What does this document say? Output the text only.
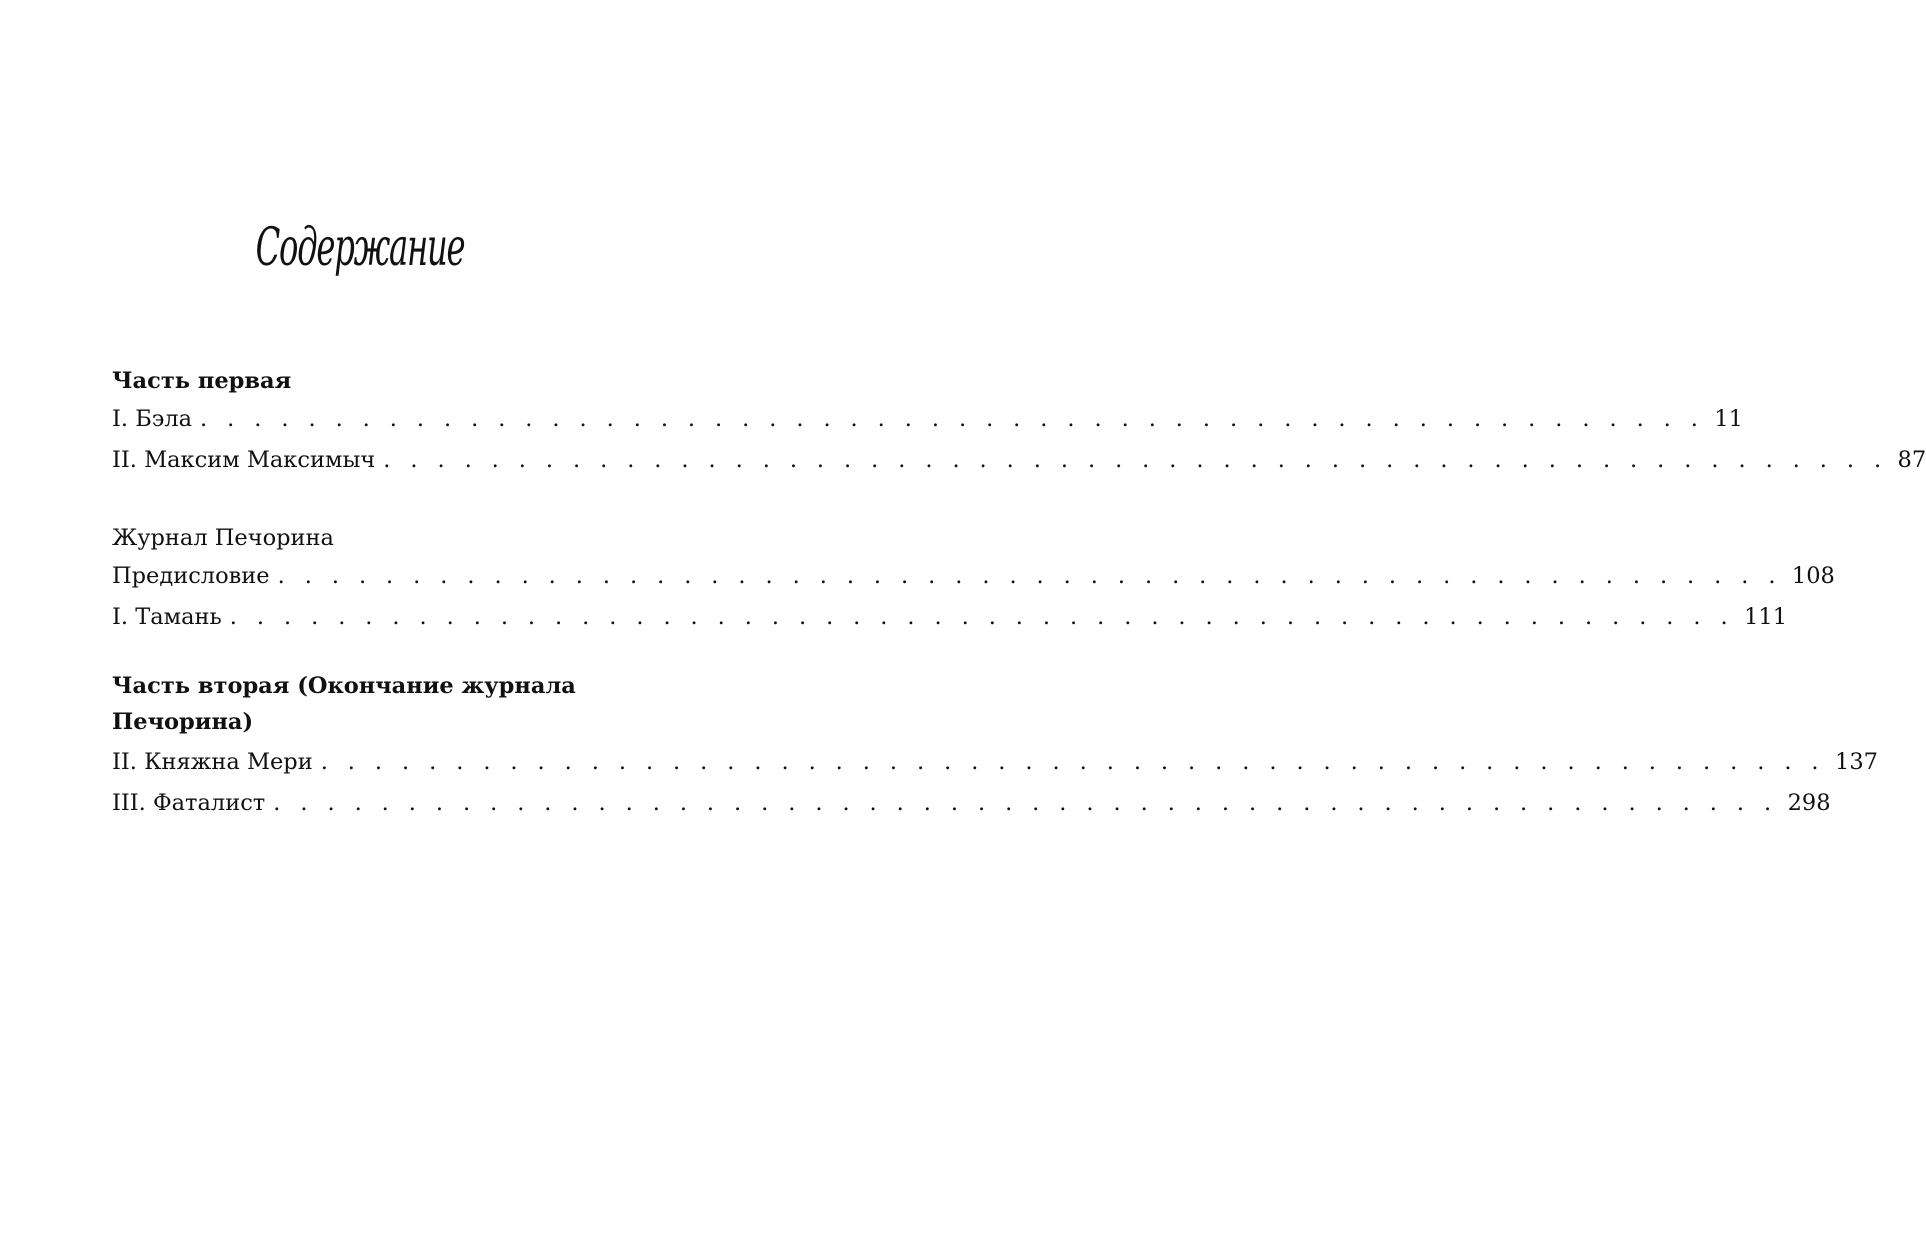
Содержание
Часть первая
I. Бэла . . . . . . . . . . . . . . . . . . . . . . . . . . . . . . . . . . . . . . . . . . . . . . . . . . . . . . . . 11
II. Максим Максимыч . . . . . . . . . . . . . . . . . . . . . . . . . . . . . . . . . . . . . . . . . . . . . . . . . . . . . . . . 87
Журнал Печорина
Предисловие . . . . . . . . . . . . . . . . . . . . . . . . . . . . . . . . . . . . . . . . . . . . . . . . . . . . . . . . 108
I. Тамань . . . . . . . . . . . . . . . . . . . . . . . . . . . . . . . . . . . . . . . . . . . . . . . . . . . . . . . . 111
Часть вторая (Окончание журнала
Печорина)
II. Княжна Мери . . . . . . . . . . . . . . . . . . . . . . . . . . . . . . . . . . . . . . . . . . . . . . . . . . . . . . . . 137
III. Фаталист . . . . . . . . . . . . . . . . . . . . . . . . . . . . . . . . . . . . . . . . . . . . . . . . . . . . . . . . 298
